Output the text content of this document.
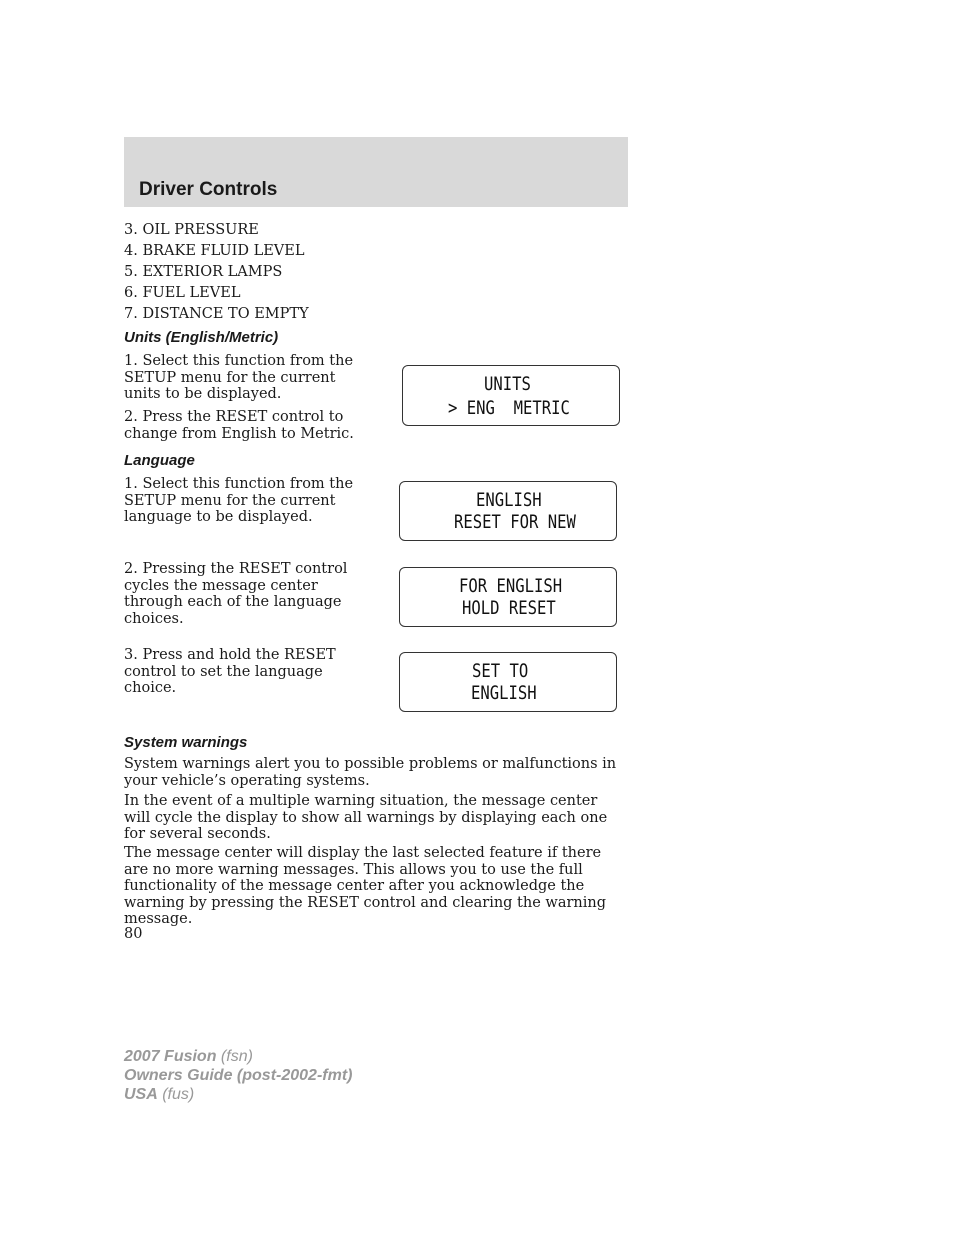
Driver Controls
3. OIL PRESSURE
4. BRAKE FLUID LEVEL
5. EXTERIOR LAMPS
6. FUEL LEVEL
7. DISTANCE TO EMPTY
Units (English/Metric)

1. Select this function from the SETUP menu for the current units to be displayed.

2. Press the RESET control to change from English to Metric.

UNITS
> ENG  METRIC
Language

1. Select this function from the SETUP menu for the current language to be displayed.

2. Pressing the RESET control cycles the message center through each of the language choices.

3. Press and hold the RESET control to set the language choice.

ENGLISH
RESET FOR NEW
FOR ENGLISH
HOLD RESET
SET TO
ENGLISH
System warnings

System warnings alert you to possible problems or malfunctions in your vehicle’s operating systems.

In the event of a multiple warning situation, the message center will cycle the display to show all warnings by displaying each one for several seconds.

The message center will display the last selected feature if there are no more warning messages. This allows you to use the full functionality of the message center after you acknowledge the warning by pressing the RESET control and clearing the warning message.

80
2007 Fusion (fsn)
Owners Guide (post-2002-fmt)
USA (fus)
